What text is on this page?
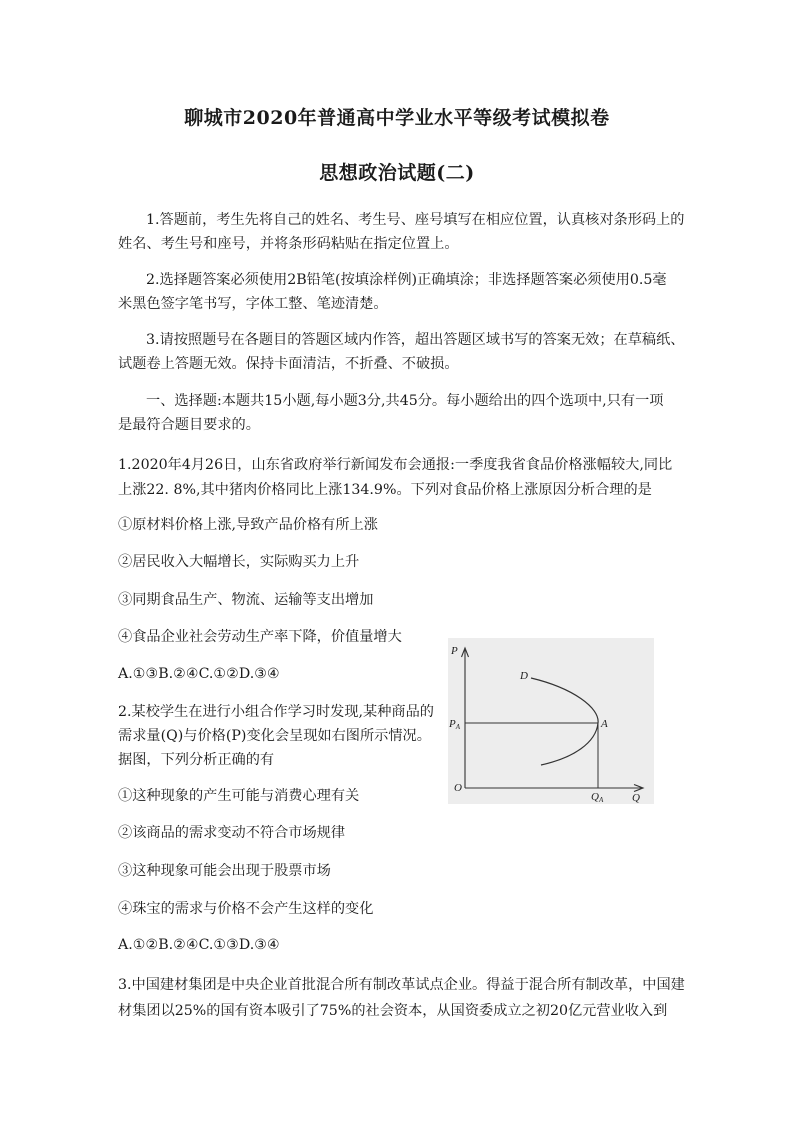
聊城市2020年普通高中学业水平等级考试模拟卷
思想政治试题(二)
1.答题前，考生先将自己的姓名、考生号、座号填写在相应位置，认真核对条形码上的
姓名、考生号和座号，并将条形码粘贴在指定位置上。
2.选择题答案必须使用2B铅笔(按填涂样例)正确填涂；非选择题答案必须使用0.5毫
米黑色签字笔书写，字体工整、笔迹清楚。
3.请按照题号在各题目的答题区域内作答，超出答题区域书写的答案无效；在草稿纸、
试题卷上答题无效。保持卡面清洁，不折叠、不破损。
一、选择题:本题共15小题,每小题3分,共45分。每小题给出的四个选项中,只有一项
是最符合题目要求的。
1.2020年4月26日，山东省政府举行新闻发布会通报:一季度我省食品价格涨幅较大,同比
上涨22. 8%,其中猪肉价格同比上涨134.9%。下列对食品价格上涨原因分析合理的是
①原材料价格上涨,导致产品价格有所上涨
②居民收入大幅增长，实际购买力上升
③同期食品生产、物流、运输等支出增加
④食品企业社会劳动生产率下降，价值量增大
A.①③B.②④C.①②D.③④
2.某校学生在进行小组合作学习时发现,某种商品的
需求量(Q)与价格(P)变化会呈现如右图所示情况。
据图，下列分析正确的有
①这种现象的产生可能与消费心理有关
②该商品的需求变动不符合市场规律
③这种现象可能会出现于股票市场
④珠宝的需求与价格不会产生这样的变化
A.①②B.②④C.①③D.③④
P
Q
O
D
A
PA
QA
3.中国建材集团是中央企业首批混合所有制改革试点企业。得益于混合所有制改革，中国建
材集团以25%的国有资本吸引了75%的社会资本，从国资委成立之初20亿元营业收入到
